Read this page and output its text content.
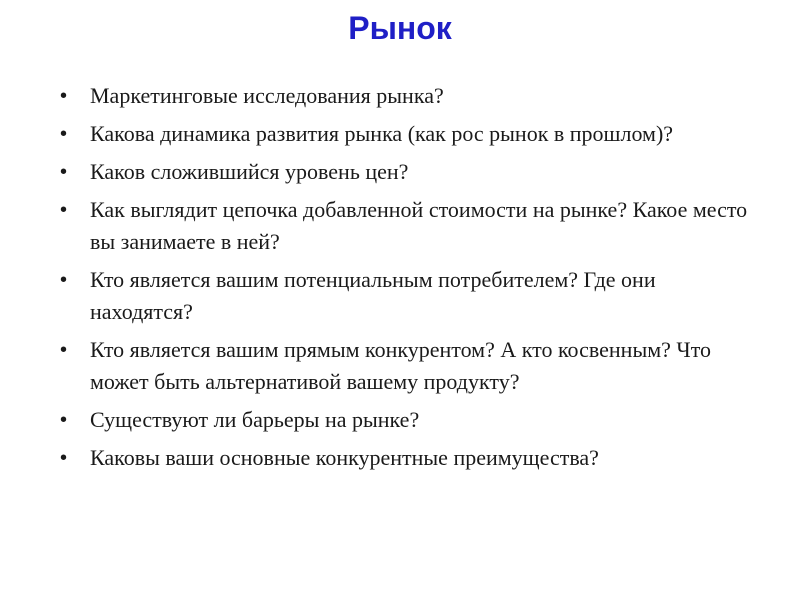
Рынок
•	Маркетинговые исследования рынка?
•	Какова динамика развития рынка (как рос рынок в прошлом)?
•	Каков сложившийся уровень цен?
•	Как выглядит цепочка добавленной стоимости на рынке? Какое место вы занимаете в ней?
•	Кто является вашим потенциальным потребителем? Где они находятся?
•	Кто является вашим прямым конкурентом? А кто косвенным? Что может быть альтернативой вашему продукту?
•	Существуют ли барьеры на рынке?
•	Каковы ваши основные конкурентные преимущества?
